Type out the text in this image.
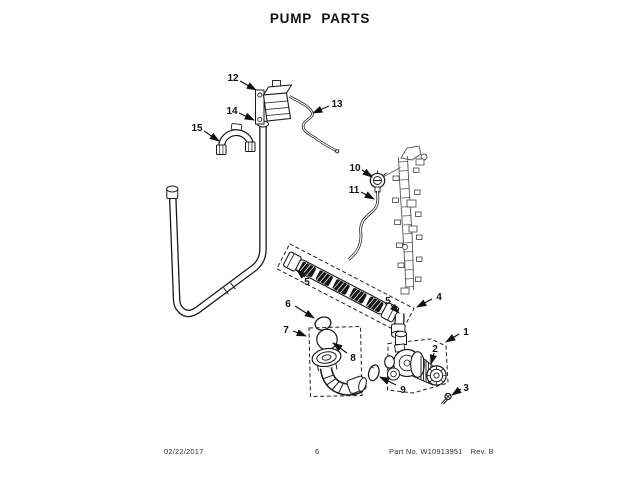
PUMP PARTS
12
14
15
13
10
11
5
5	4
6
7
8
1
2
3
9
02/22/2017	6	Part No. W10913951 Rev. B
